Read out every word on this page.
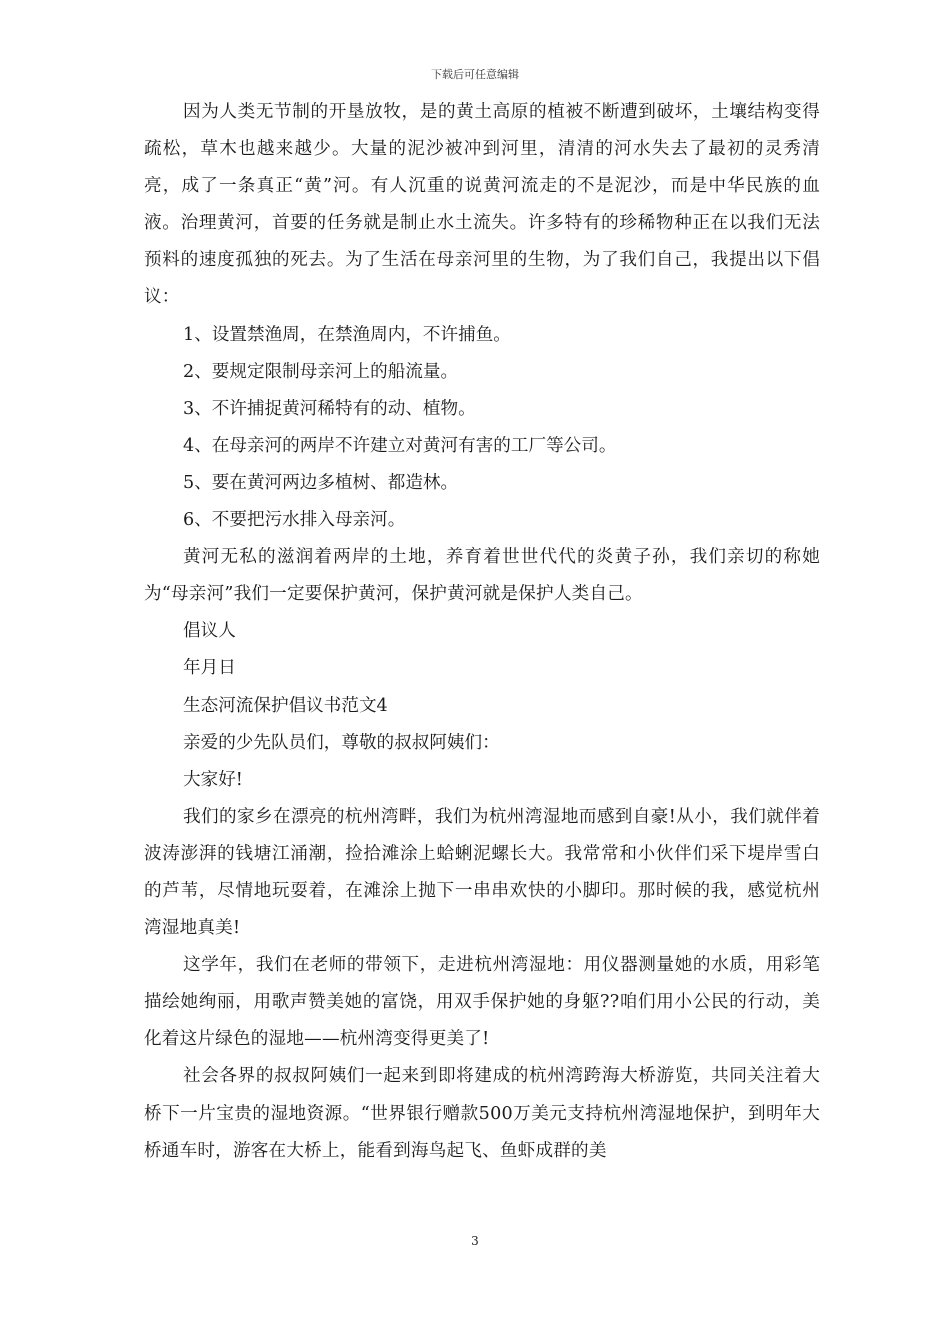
下载后可任意编辑

因为人类无节制的开垦放牧，是的黄土高原的植被不断遭到破坏，土壤结构变得疏松，草木也越来越少。大量的泥沙被冲到河里，清清的河水失去了最初的灵秀清亮，成了一条真正“黄”河。有人沉重的说黄河流走的不是泥沙，而是中华民族的血液。治理黄河，首要的任务就是制止水土流失。许多特有的珍稀物种正在以我们无法预料的速度孤独的死去。为了生活在母亲河里的生物，为了我们自己，我提出以下倡议：

1、设置禁渔周，在禁渔周内，不许捕鱼。

2、要规定限制母亲河上的船流量。

3、不许捕捉黄河稀特有的动、植物。

4、在母亲河的两岸不许建立对黄河有害的工厂等公司。

5、要在黄河两边多植树、都造林。

6、不要把污水排入母亲河。

黄河无私的滋润着两岸的土地，养育着世世代代的炎黄子孙，我们亲切的称她为“母亲河”我们一定要保护黄河，保护黄河就是保护人类自己。

倡议人

年月日

生态河流保护倡议书范文4

亲爱的少先队员们，尊敬的叔叔阿姨们：

大家好!

我们的家乡在漂亮的杭州湾畔，我们为杭州湾湿地而感到自豪!从小，我们就伴着波涛澎湃的钱塘江涌潮，捡拾滩涂上蛤蜊泥螺长大。我常常和小伙伴们采下堤岸雪白的芦苇，尽情地玩耍着，在滩涂上抛下一串串欢快的小脚印。那时候的我，感觉杭州湾湿地真美!

这学年，我们在老师的带领下，走进杭州湾湿地：用仪器测量她的水质，用彩笔描绘她绚丽，用歌声赞美她的富饶，用双手保护她的身躯??咱们用小公民的行动，美化着这片绿色的湿地——杭州湾变得更美了!

社会各界的叔叔阿姨们一起来到即将建成的杭州湾跨海大桥游览，共同关注着大桥下一片宝贵的湿地资源。“世界银行赠款500万美元支持杭州湾湿地保护，到明年大桥通车时，游客在大桥上，能看到海鸟起飞、鱼虾成群的美

3
